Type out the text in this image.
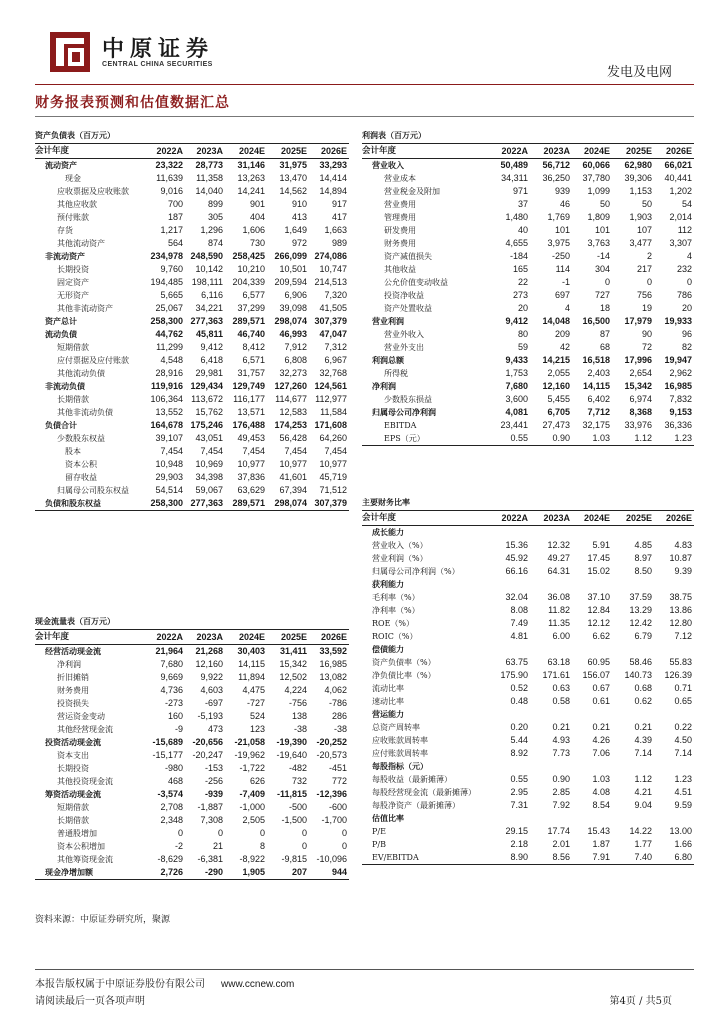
中原证券
CENTRAL CHINA SECURITIES
发电及电网
财务报表预测和估值数据汇总
资产负债表（百万元）					
会计年度	2022A	2023A	2024E	2025E	2026E
流动资产	23,322	28,773	31,146	31,975	33,293
现金	11,639	11,358	13,263	13,470	14,414
应收票据及应收账款	9,016	14,040	14,241	14,562	14,894
其他应收款	700	899	901	910	917
预付账款	187	305	404	413	417
存货	1,217	1,296	1,606	1,649	1,663
其他流动资产	564	874	730	972	989
非流动资产	234,978	248,590	258,425	266,099	274,086
长期投资	9,760	10,142	10,210	10,501	10,747
固定资产	194,485	198,111	204,339	209,594	214,513
无形资产	5,665	6,116	6,577	6,906	7,320
其他非流动资产	25,067	34,221	37,299	39,098	41,505
资产总计	258,300	277,363	289,571	298,074	307,379
流动负债	44,762	45,811	46,740	46,993	47,047
短期借款	11,299	9,412	8,412	7,912	7,312
应付票据及应付账款	4,548	6,418	6,571	6,808	6,967
其他流动负债	28,916	29,981	31,757	32,273	32,768
非流动负债	119,916	129,434	129,749	127,260	124,561
长期借款	106,364	113,672	116,177	114,677	112,977
其他非流动负债	13,552	15,762	13,571	12,583	11,584
负债合计	164,678	175,246	176,488	174,253	171,608
少数股东权益	39,107	43,051	49,453	56,428	64,260
股本	7,454	7,454	7,454	7,454	7,454
资本公积	10,948	10,969	10,977	10,977	10,977
留存收益	29,903	34,398	37,836	41,601	45,719
归属母公司股东权益	54,514	59,067	63,629	67,394	71,512
负债和股东权益	258,300	277,363	289,571	298,074	307,379
现金流量表（百万元）					
会计年度	2022A	2023A	2024E	2025E	2026E
经营活动现金流	21,964	21,268	30,403	31,411	33,592
净利润	7,680	12,160	14,115	15,342	16,985
折旧摊销	9,669	9,922	11,894	12,502	13,082
财务费用	4,736	4,603	4,475	4,224	4,062
投资损失	-273	-697	-727	-756	-786
营运资金变动	160	-5,193	524	138	286
其他经营现金流	-9	473	123	-38	-38
投资活动现金流	-15,689	-20,656	-21,058	-19,390	-20,252
资本支出	-15,177	-20,247	-19,962	-19,640	-20,573
长期投资	-980	-153	-1,722	-482	-451
其他投资现金流	468	-256	626	732	772
筹资活动现金流	-3,574	-939	-7,409	-11,815	-12,396
短期借款	2,708	-1,887	-1,000	-500	-600
长期借款	2,348	7,308	2,505	-1,500	-1,700
普通股增加	0	0	0	0	0
资本公积增加	-2	21	8	0	0
其他筹资现金流	-8,629	-6,381	-8,922	-9,815	-10,096
现金净增加额	2,726	-290	1,905	207	944
利润表（百万元）					
会计年度	2022A	2023A	2024E	2025E	2026E
营业收入	50,489	56,712	60,066	62,980	66,021
营业成本	34,311	36,250	37,780	39,306	40,441
营业税金及附加	971	939	1,099	1,153	1,202
营业费用	37	46	50	50	54
管理费用	1,480	1,769	1,809	1,903	2,014
研发费用	40	101	101	107	112
财务费用	4,655	3,975	3,763	3,477	3,307
资产减值损失	-184	-250	-14	2	4
其他收益	165	114	304	217	232
公允价值变动收益	22	-1	0	0	0
投资净收益	273	697	727	756	786
资产处置收益	20	4	18	19	20
营业利润	9,412	14,048	16,500	17,979	19,933
营业外收入	80	209	87	90	96
营业外支出	59	42	68	72	82
利润总额	9,433	14,215	16,518	17,996	19,947
所得税	1,753	2,055	2,403	2,654	2,962
净利润	7,680	12,160	14,115	15,342	16,985
少数股东损益	3,600	5,455	6,402	6,974	7,832
归属母公司净利润	4,081	6,705	7,712	8,368	9,153
EBITDA	23,441	27,473	32,175	33,976	36,336
EPS（元）	0.55	0.90	1.03	1.12	1.23
主要财务比率					
会计年度	2022A	2023A	2024E	2025E	2026E
成长能力					
营业收入（%）	15.36	12.32	5.91	4.85	4.83
营业利润（%）	45.92	49.27	17.45	8.97	10.87
归属母公司净利润（%）	66.16	64.31	15.02	8.50	9.39
获利能力					
毛利率（%）	32.04	36.08	37.10	37.59	38.75
净利率（%）	8.08	11.82	12.84	13.29	13.86
ROE（%）	7.49	11.35	12.12	12.42	12.80
ROIC（%）	4.81	6.00	6.62	6.79	7.12
偿债能力					
资产负债率（%）	63.75	63.18	60.95	58.46	55.83
净负债比率（%）	175.90	171.61	156.07	140.73	126.39
流动比率	0.52	0.63	0.67	0.68	0.71
速动比率	0.48	0.58	0.61	0.62	0.65
营运能力					
总资产周转率	0.20	0.21	0.21	0.21	0.22
应收账款周转率	5.44	4.93	4.26	4.39	4.50
应付账款周转率	8.92	7.73	7.06	7.14	7.14
每股指标（元）					
每股收益（最新摊薄）	0.55	0.90	1.03	1.12	1.23
每股经营现金流（最新摊薄）	2.95	2.85	4.08	4.21	4.51
每股净资产（最新摊薄）	7.31	7.92	8.54	9.04	9.59
估值比率					
P/E	29.15	17.74	15.43	14.22	13.00
P/B	2.18	2.01	1.87	1.77	1.66
EV/EBITDA	8.90	8.56	7.91	7.40	6.80
资料来源：中原证券研究所，聚源
本报告版权属于中原证券股份有限公司 www.ccnew.com
请阅读最后一页各项声明	第4页 / 共5页
